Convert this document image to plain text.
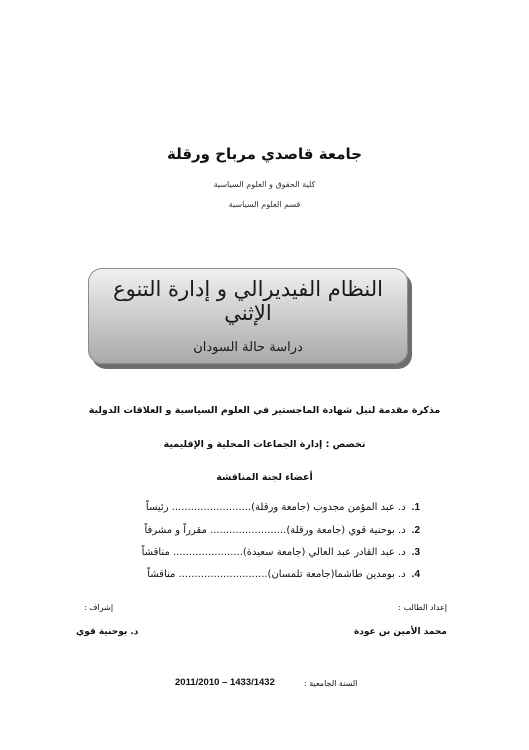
جامعة قاصدي مرباح ورقلة
كلية الحقوق و العلوم السياسية
قسم العلوم السياسية
النظام الفيديرالي و إدارة التنوع الإثني
دراسة حالة السودان
مذكرة مقدمة لنيل شهادة الماجستير في العلوم السياسية و العلاقات الدولية
تخصص : إدارة الجماعات المحلية و الإقليمية
أعضاء لجنة المناقشة
1.د. عبد المؤمن مجدوب (جامعة ورقلة)......................... رئيساً
2.د. بوحنية قوي (جامعة ورقلة)........................ مقرراً و مشرفاً
3.د. عبد القادر عبد العالي (جامعة سعيدة)...................... مناقشاً
4.د. بومدين طاشما(جامعة تلمسان)............................ مناقشاً
إعداد الطالب :
محمد الأمين بن عودة
إشراف :
د. بوحنية قوي
السنة الجامعية :
2011/2010 – 1433/1432
